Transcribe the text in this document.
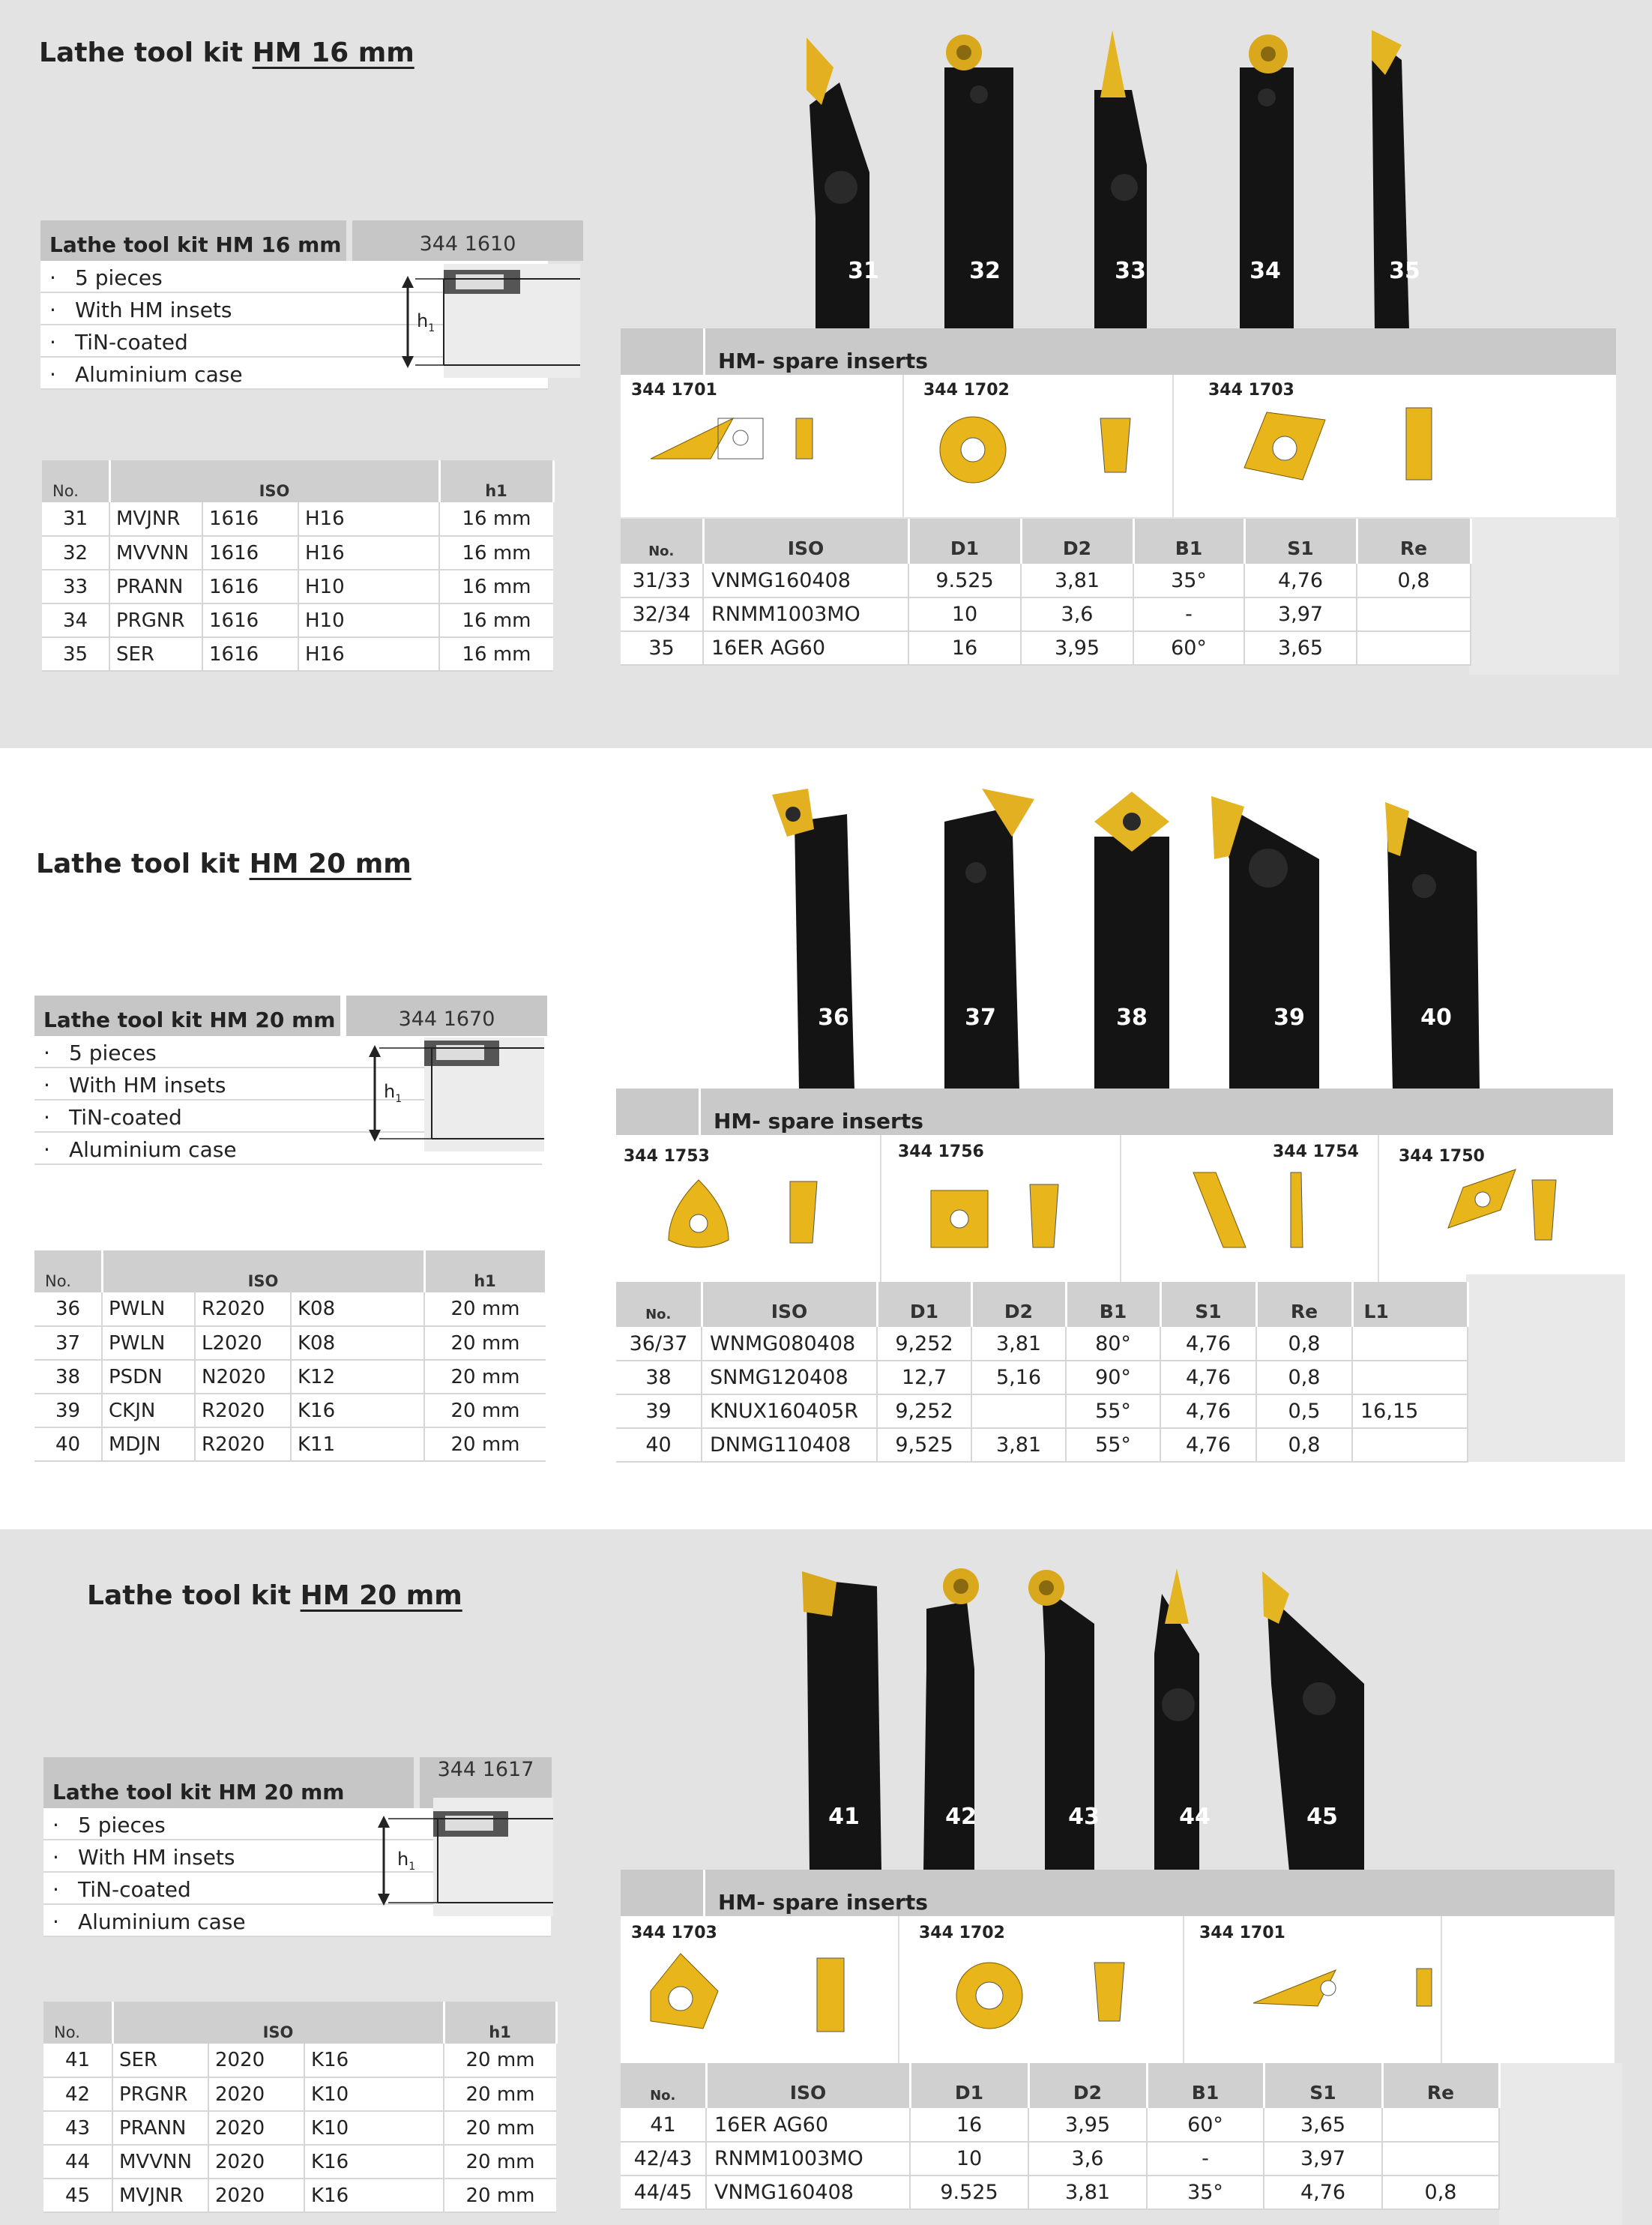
Lathe tool kit HM 16 mm
Lathe tool kit HM 16 mm	344 1610
· 5 pieces
· With HM insets
· TiN-coated
· Aluminium case
$h_1$
No.	ISO			h1
31	MVJNR	1616	H16	16 mm
32	MVVNN	1616	H16	16 mm
33	PRANN	1616	H10	16 mm
34	PRGNR	1616	H10	16 mm
35	SER	1616	H16	16 mm
31	32	33	34	35
HM- spare inserts
344 1701	344 1702	344 1703
No.	ISO	D1	D2	B1	S1	Re
31/33	VNMG160408	9.525	3,81	35°	4,76	0,8
32/34	RNMM1003MO	10	3,6	-	3,97	
35	16ER AG60	16	3,95	60°	3,65	
Lathe tool kit HM 20 mm
Lathe tool kit HM 20 mm	344 1670
· 5 pieces
· With HM insets
· TiN-coated
· Aluminium case
$h_1$
No.	ISO			h1
36	PWLN	R2020	K08	20 mm
37	PWLN	L2020	K08	20 mm
38	PSDN	N2020	K12	20 mm
39	CKJN	R2020	K16	20 mm
40	MDJN	R2020	K11	20 mm
36	37	38	39	40
HM- spare inserts
344 1753	344 1756	344 1754 344 1750
No.	ISO	D1	D2	B1	S1	Re	L1
36/37	WNMG080408	9,252	3,81	80°	4,76	0,8	
38	SNMG120408	12,7	5,16	90°	4,76	0,8	
39	KNUX160405R	9,252		55°	4,76	0,5	16,15
40	DNMG110408	9,525	3,81	55°	4,76	0,8	
Lathe tool kit HM 20 mm
Lathe tool kit HM 20 mm
344 1617
· 5 pieces
· With HM insets
· TiN-coated
· Aluminium case
$h_1$
No.	ISO			h1
41	SER	2020	K16	20 mm
42	PRGNR	2020	K10	20 mm
43	PRANN	2020	K10	20 mm
44	MVVNN	2020	K16	20 mm
45	MVJNR	2020	K16	20 mm
41	42	43	44	45
HM- spare inserts
344 1703	344 1702	344 1701
No.	ISO	D1	D2	B1	S1	Re
41	16ER AG60	16	3,95	60°	3,65	
42/43	RNMM1003MO	10	3,6	-	3,97	
44/45	VNMG160408	9.525	3,81	35°	4,76	0,8
